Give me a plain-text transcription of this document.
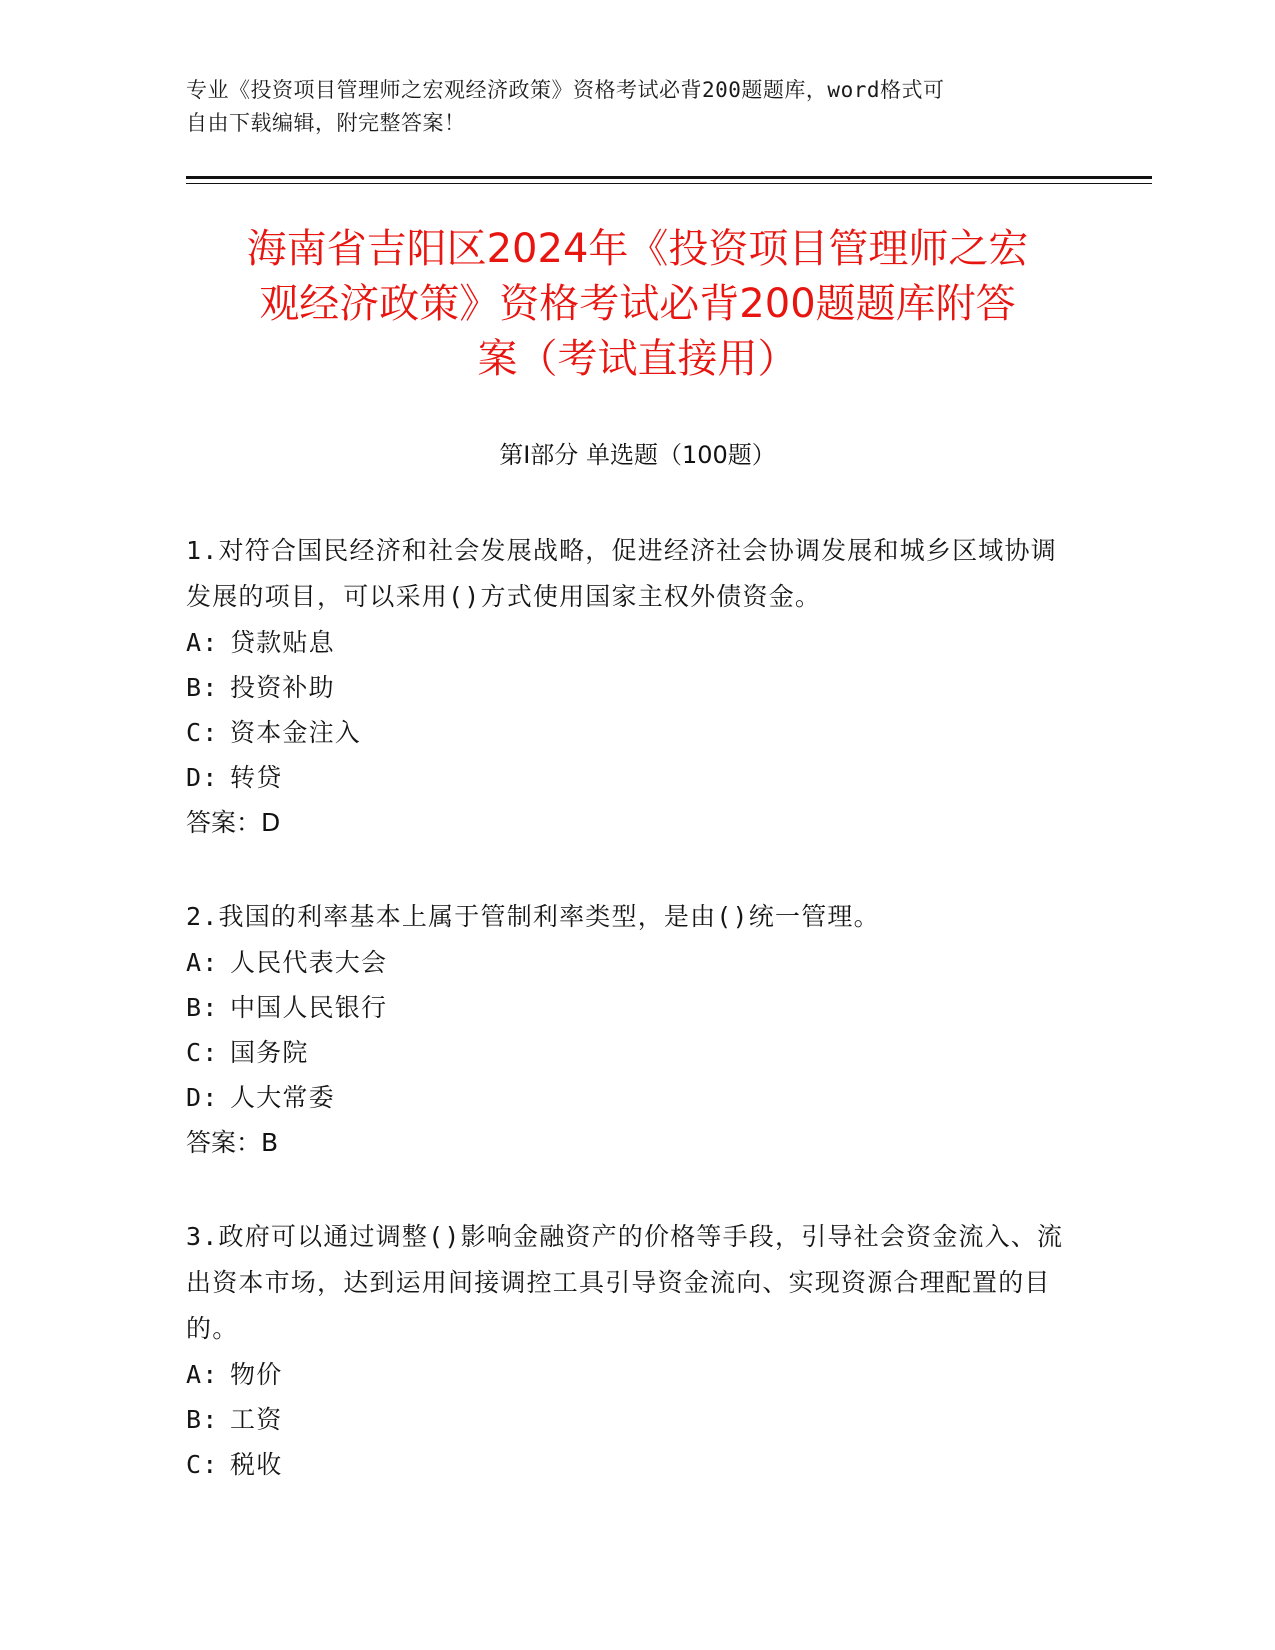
专业《投资项目管理师之宏观经济政策》资格考试必背200题题库，word格式可
自由下载编辑，附完整答案！
海南省吉阳区2024年《投资项目管理师之宏
观经济政策》资格考试必背200题题库附答
案（考试直接用）
第Ⅰ部分 单选题（100题）
1.对符合国民经济和社会发展战略，促进经济社会协调发展和城乡区域协调发展的项目，可以采用()方式使用国家主权外债资金。
A: 贷款贴息
B: 投资补助
C: 资本金注入
D: 转贷
答案：D
2.我国的利率基本上属于管制利率类型，是由()统一管理。
A: 人民代表大会
B: 中国人民银行
C: 国务院
D: 人大常委
答案：B
3.政府可以通过调整()影响金融资产的价格等手段，引导社会资金流入、流出资本市场，达到运用间接调控工具引导资金流向、实现资源合理配置的目的。
A: 物价
B: 工资
C: 税收
